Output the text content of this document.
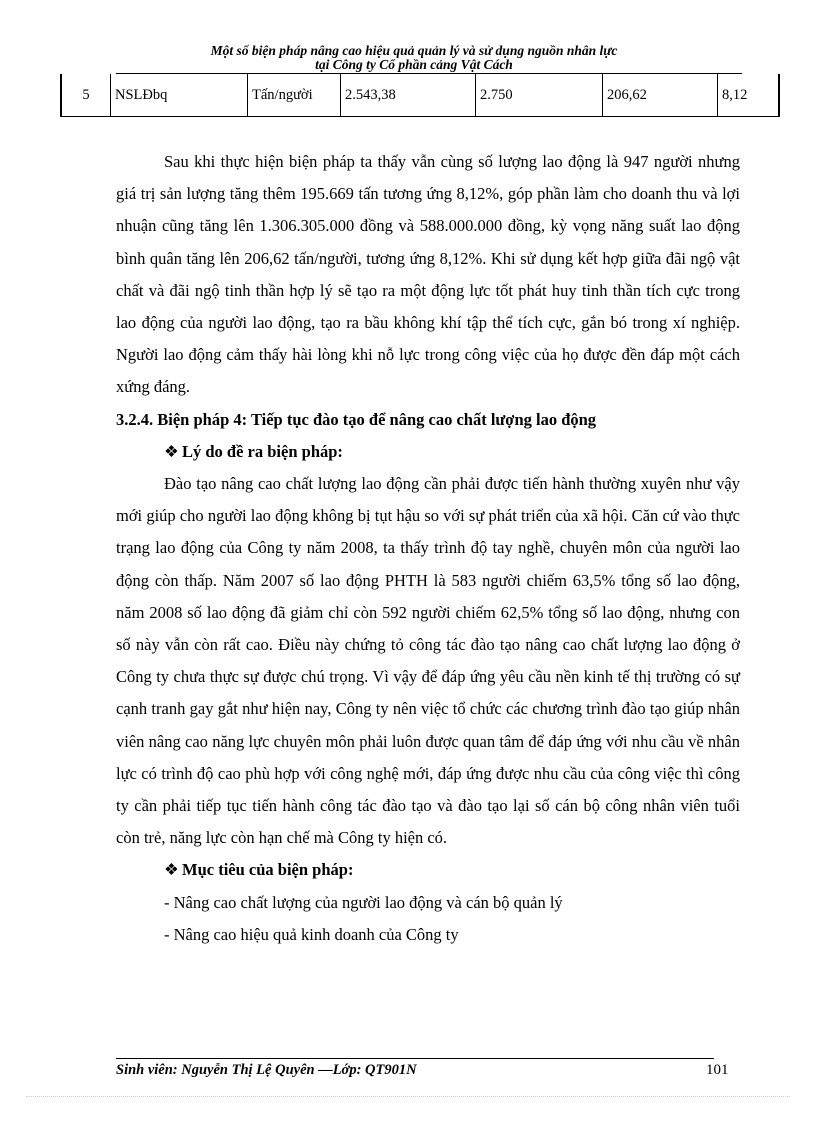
Một số biện pháp nâng cao hiệu quả quản lý và sử dụng nguồn nhân lực
tại Công ty Cổ phần cảng Vật Cách
5	NSLĐbq	Tấn/người	2.543,38	2.750	206,62	8,12

Sau khi thực hiện biện pháp ta thấy vẫn cùng số lượng lao động là 947 người nhưng giá trị sản lượng tăng thêm 195.669 tấn tương ứng 8,12%, góp phần làm cho doanh thu và lợi nhuận cũng tăng lên 1.306.305.000 đồng và 588.000.000 đồng, kỳ vọng năng suất lao động bình quân tăng lên 206,62 tấn/người, tương ứng 8,12%. Khi sử dụng kết hợp giữa đãi ngộ vật chất và đãi ngộ tinh thần hợp lý sẽ tạo ra một động lực tốt phát huy tinh thần tích cực trong lao động của người lao động, tạo ra bầu không khí tập thể tích cực, gắn bó trong xí nghiệp. Người lao động cảm thấy hài lòng khi nỗ lực trong công việc của họ được đền đáp một cách xứng đáng.

3.2.4. Biện pháp 4: Tiếp tục đào tạo để nâng cao chất lượng lao động

❖ Lý do đề ra biện pháp:

Đào tạo nâng cao chất lượng lao động cần phải được tiến hành thường xuyên như vậy mới giúp cho người lao động không bị tụt hậu so với sự phát triển của xã hội. Căn cứ vào thực trạng lao động của Công ty năm 2008, ta thấy trình độ tay nghề, chuyên môn của người lao động còn thấp. Năm 2007 số lao động PHTH là 583 người chiếm 63,5% tổng số lao động, năm 2008 số lao động đã giảm chỉ còn 592 người chiếm 62,5% tổng số lao động, nhưng con số này vẫn còn rất cao. Điều này chứng tỏ công tác đào tạo nâng cao chất lượng lao động ở Công ty chưa thực sự được chú trọng. Vì vậy để đáp ứng yêu cầu nền kinh tế thị trường có sự cạnh tranh gay gắt như hiện nay, Công ty nên việc tổ chức các chương trình đào tạo giúp nhân viên nâng cao năng lực chuyên môn phải luôn được quan tâm để đáp ứng với nhu cầu về nhân lực có trình độ cao phù hợp với công nghệ mới, đáp ứng được nhu cầu của công việc thì công ty cần phải tiếp tục tiến hành công tác đào tạo và đào tạo lại số cán bộ công nhân viên tuổi còn trẻ, năng lực còn hạn chế mà Công ty hiện có.

❖ Mục tiêu của biện pháp:

- Nâng cao chất lượng của người lao động và cán bộ quản lý

- Nâng cao hiệu quả kinh doanh của Công ty

Sinh viên: Nguyễn Thị Lệ Quyên —Lớp: QT901N	101
